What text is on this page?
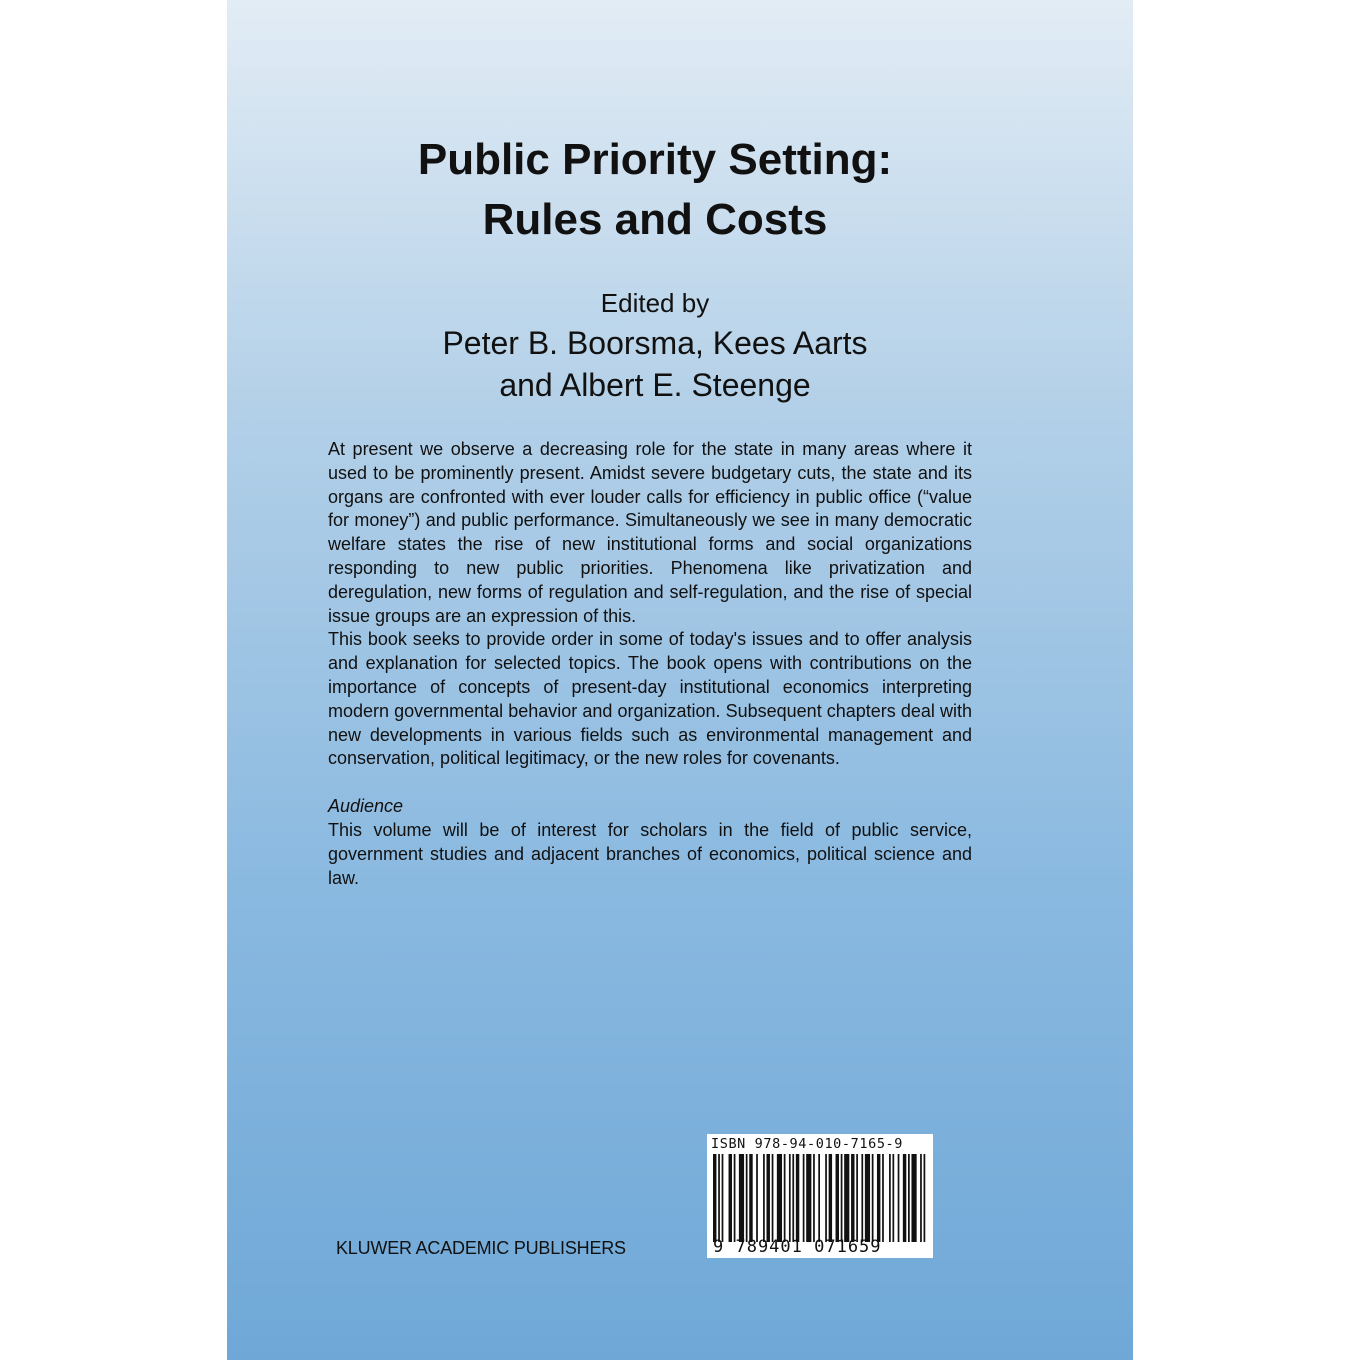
Public Priority Setting:
Rules and Costs
Edited by
Peter B. Boorsma, Kees Aarts
and Albert E. Steenge

At present we observe a decreasing role for the state in many areas where it used to be prominently present. Amidst severe budgetary cuts, the state and its organs are confronted with ever louder calls for efficiency in public office (“value for money”) and public performance. Simultaneously we see in many democratic welfare states the rise of new institutional forms and social organizations responding to new public priorities. Phenomena like privatization and deregulation, new forms of regulation and self-regulation, and the rise of special issue groups are an expression of this.

This book seeks to provide order in some of today's issues and to offer analysis and explanation for selected topics. The book opens with contributions on the importance of concepts of present-day institutional economics interpreting modern governmental behavior and organization. Subsequent chapters deal with new developments in various fields such as environmental management and conservation, political legitimacy, or the new roles for covenants.

Audience

This volume will be of interest for scholars in the field of public service, government studies and adjacent branches of economics, political science and law.

KLUWER ACADEMIC PUBLISHERS
ISBN 978-94-010-7165-9
9 789401 071659
